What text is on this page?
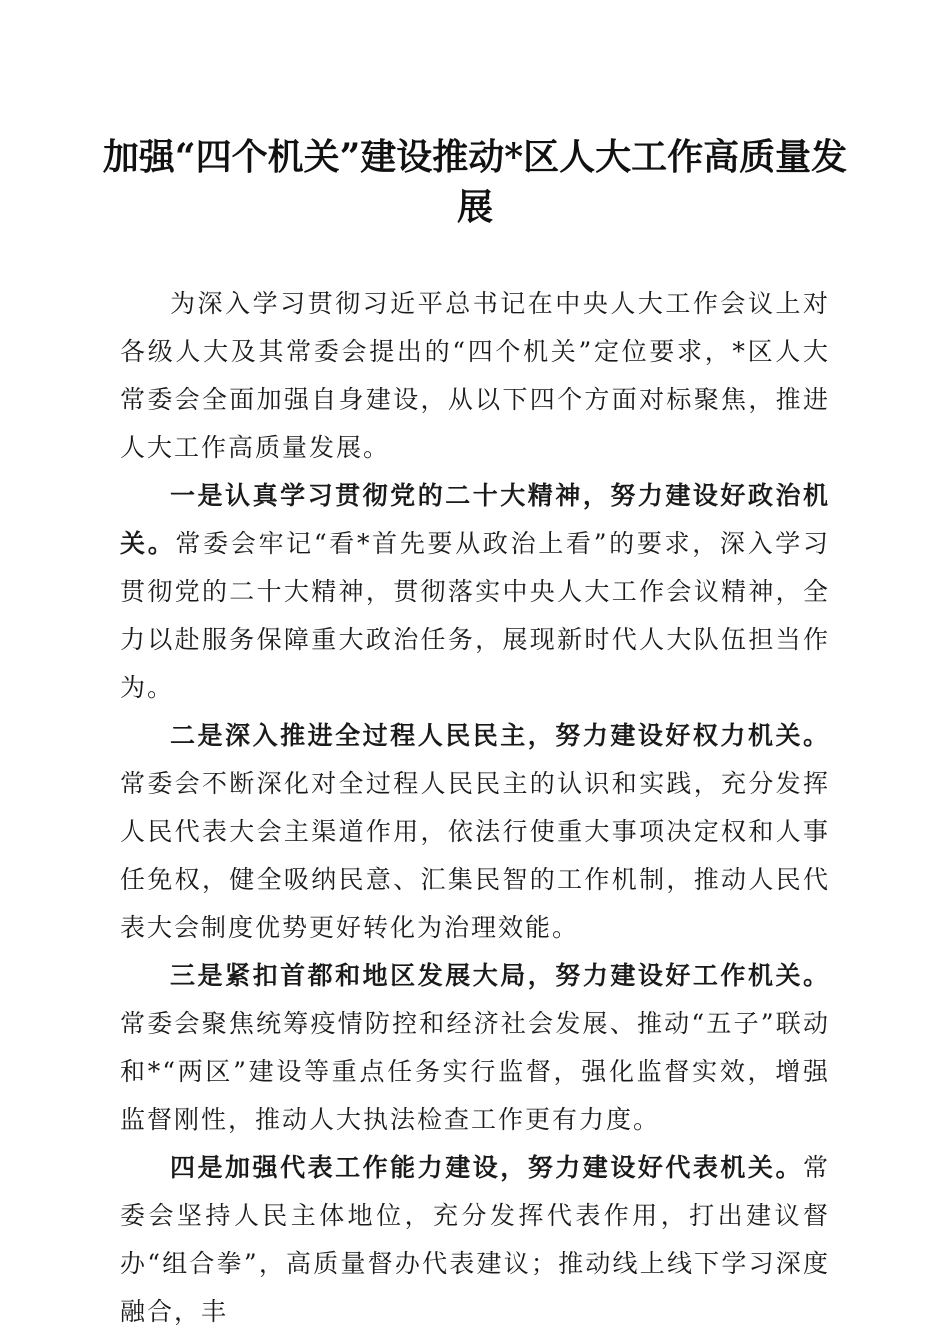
加强“四个机关”建设推动*区人大工作高质量发展

为深入学习贯彻习近平总书记在中央人大工作会议上对各级人大及其常委会提出的“四个机关”定位要求，*区人大常委会全面加强自身建设，从以下四个方面对标聚焦，推进人大工作高质量发展。

一是认真学习贯彻党的二十大精神，努力建设好政治机关。常委会牢记“看*首先要从政治上看”的要求，深入学习贯彻党的二十大精神，贯彻落实中央人大工作会议精神，全力以赴服务保障重大政治任务，展现新时代人大队伍担当作为。

二是深入推进全过程人民民主，努力建设好权力机关。常委会不断深化对全过程人民民主的认识和实践，充分发挥人民代表大会主渠道作用，依法行使重大事项决定权和人事任免权，健全吸纳民意、汇集民智的工作机制，推动人民代表大会制度优势更好转化为治理效能。

三是紧扣首都和地区发展大局，努力建设好工作机关。常委会聚焦统筹疫情防控和经济社会发展、推动“五子”联动和*“两区”建设等重点任务实行监督，强化监督实效，增强监督刚性，推动人大执法检查工作更有力度。

四是加强代表工作能力建设，努力建设好代表机关。常委会坚持人民主体地位，充分发挥代表作用，打出建议督办“组合拳”，高质量督办代表建议；推动线上线下学习深度融合，丰
